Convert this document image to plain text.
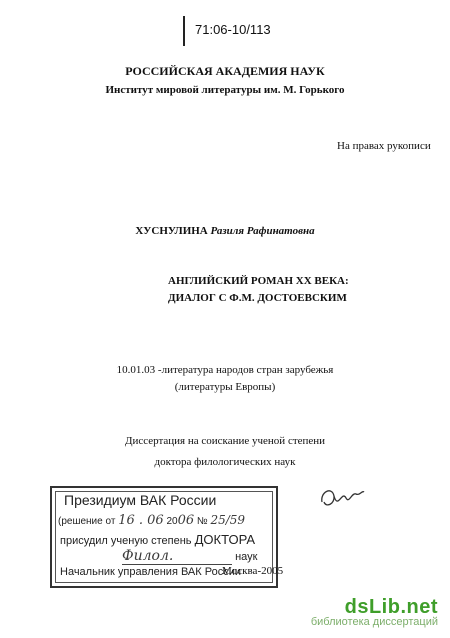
71:06-10/113
РОССИЙСКАЯ АКАДЕМИЯ НАУК
Институт мировой литературы им. М. Горького
На правах рукописи
ХУСНУЛИНА Разиля Рафинатовна
АНГЛИЙСКИЙ РОМАН XX ВЕКА:
ДИАЛОГ С Ф.М. ДОСТОЕВСКИМ
10.01.03 -литература народов стран зарубежья
(литературы Европы)
Диссертация на соискание ученой степени
доктора филологических наук
Президиум ВАК России
(решение от 16 . 06 2006 № 25/59
присудил ученую степень ДОКТОРА
Филол.	наук
Начальник управления ВАК России
Москва-2005
dsLib.net
библиотека диссертаций
